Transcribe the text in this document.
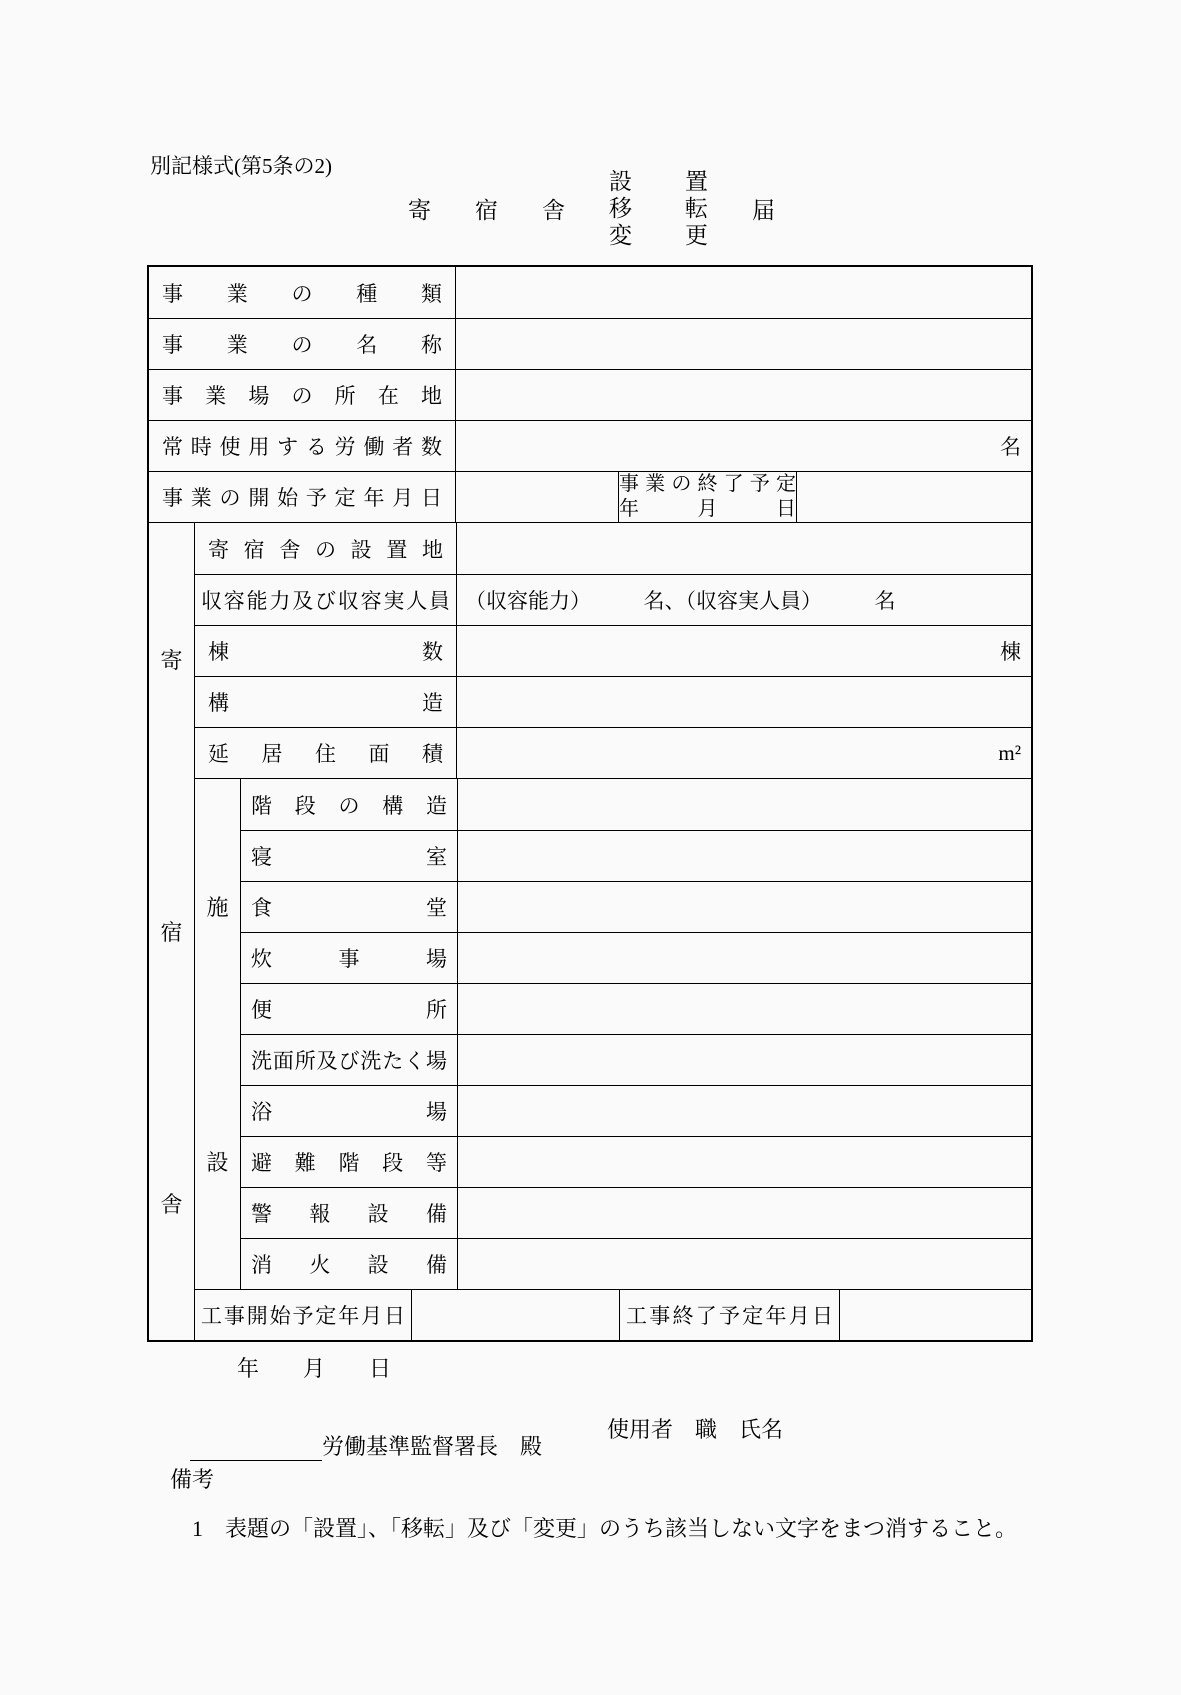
別記様式(第5条の2)
寄 宿 舎
設 置
移 転
変 更
届
事業の種類
事業の名称
事業場の所在地
常時使用する労働者数	名
事業の開始予定年月日
事業の終了予定
年　月　日
寄
宿
舎
寄宿舎の設置地
収容能力及び収容実人員 （収容能力）　　　名、（収容実人員）　　　名
棟数	棟
構造
延居住面積	m²
施
設
階段の構造
寝室
食堂
炊事場
便所
洗面所及び洗たく場
浴場
避難階段等
警報設備
消火設備
工事開始予定年月日	工事終了予定年月日
年　　月　　日
使用者　職　氏名
労働基準監督署長　 殿
備考
1　表題の「設置」、「移転」及び「変更」のうち該当しない文字をまつ消すること。
